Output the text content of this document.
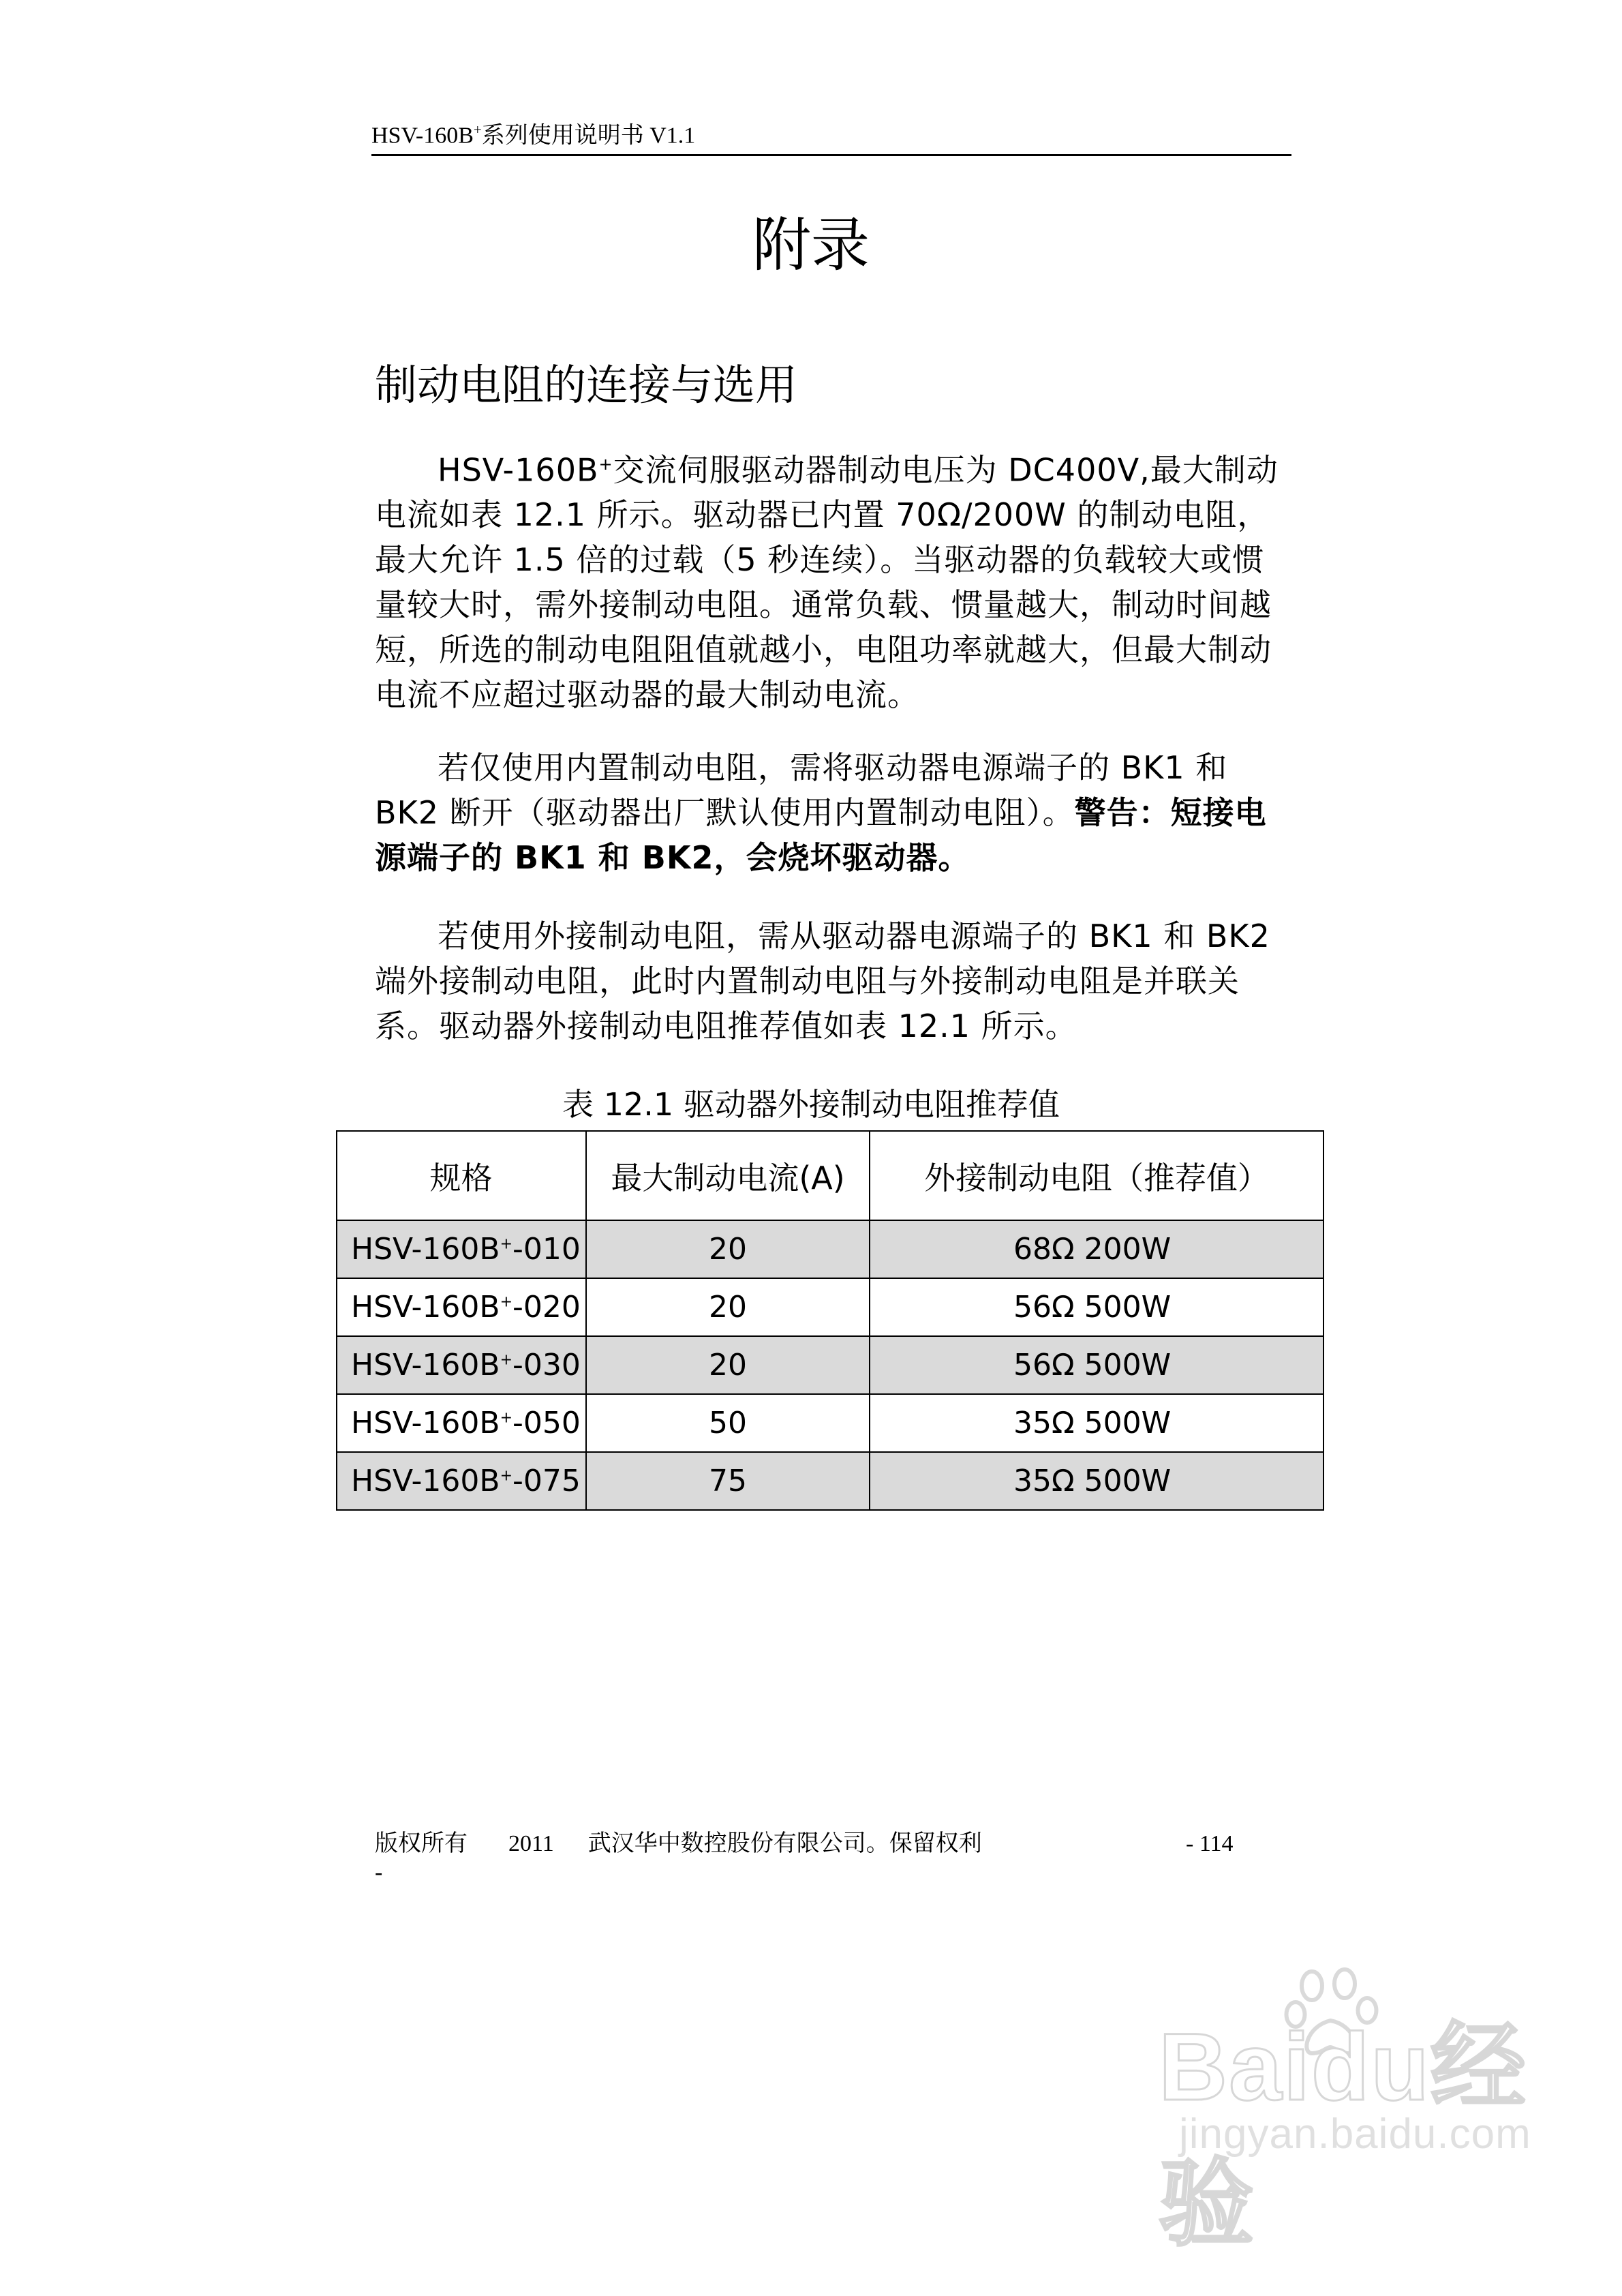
HSV-160B+系列使用说明书 V1.1
附录
制动电阻的连接与选用

HSV-160B+交流伺服驱动器制动电压为 DC400V,最大制动电流如表 12.1 所示。驱动器已内置 70Ω/200W 的制动电阻，最大允许 1.5 倍的过载（5 秒连续）。当驱动器的负载较大或惯量较大时，需外接制动电阻。通常负载、惯量越大，制动时间越短，所选的制动电阻阻值就越小，电阻功率就越大，但最大制动电流不应超过驱动器的最大制动电流。

若仅使用内置制动电阻，需将驱动器电源端子的 BK1 和 BK2 断开（驱动器出厂默认使用内置制动电阻）。警告：短接电源端子的 BK1 和 BK2，会烧坏驱动器。

若使用外接制动电阻，需从驱动器电源端子的 BK1 和 BK2 端外接制动电阻，此时内置制动电阻与外接制动电阻是并联关系。驱动器外接制动电阻推荐值如表 12.1 所示。

表 12.1 驱动器外接制动电阻推荐值
规格	最大制动电流(A)	外接制动电阻（推荐值）
HSV-160B+-010	20	68Ω 200W
HSV-160B+-020	20	56Ω 500W
HSV-160B+-030	20	56Ω 500W
HSV-160B+-050	50	35Ω 500W
HSV-160B+-075	75	35Ω 500W
版权所有 2011 武汉华中数控股份有限公司。保留权利	- 114
-
Baidu经验
jingyan.baidu.com
